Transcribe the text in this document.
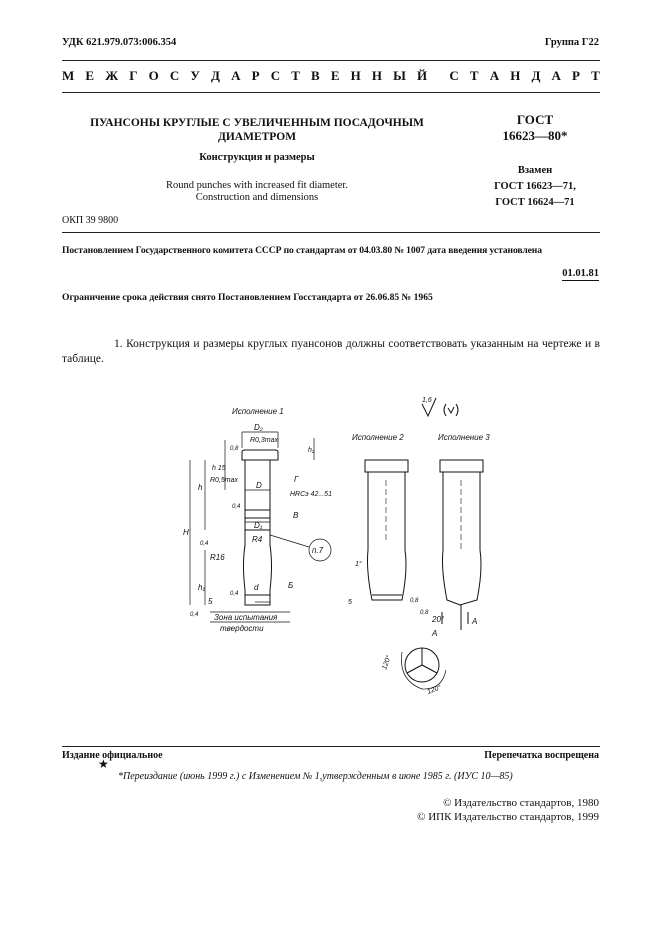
УДК 621.979.073:006.354	Группа Г22
М Е Ж Г О С У Д А Р С Т В Е Н Н Ы Й С Т А Н Д А Р Т
ПУАНСОНЫ КРУГЛЫЕ С УВЕЛИЧЕННЫМ ПОСАДОЧНЫМ
ДИАМЕТРОМ
Конструкция и размеры
Round punches with increased fit diameter.
Construction and dimensions
ГОСТ
16623—80*
Взамен
ГОСТ 16623—71,
ГОСТ 16624—71
ОКП 39 9800
Постановлением Государственного комитета СССР по стандартам от 04.03.80 № 1007 дата введения установлена
01.01.81
Ограничение срока действия снято Постановлением Госстандарта от 26.06.85 № 1965
1. Конструкция и размеры круглых пуансонов должны соответствовать указанным на чертеже и в таблице.
Исполнение 1
D₂
R0,3max
h₂
D
D₁
R4
R16
R0,5max
h 15
h
H
h₁
5
d
Г
HRCэ 42...51
В
Б
п.7
Зона испытания
твердости
0,8
0,4
0,4
0,4
0,4
Исполнение 2
1°
5	0,8
Исполнение 3
1,6
20°
0,8
А
А
120°
120°
Издание официальное	Перепечатка воспрещена
★
*Переиздание (июнь 1999 г.) с Изменением № 1,утвержденным в июне 1985 г. (ИУС 10—85)
© Издательство стандартов, 1980
© ИПК Издательство стандартов, 1999
